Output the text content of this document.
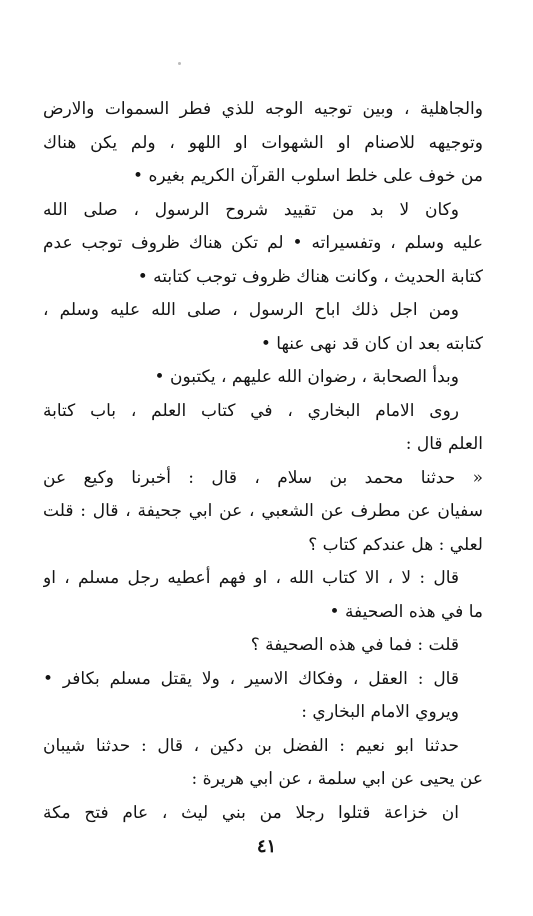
والجاهلية ، وبين توجيه الوجه للذي فطر السموات والارض
وتوجيهه للاصنام او الشهوات او اللهو ، ولم يكن هناك
من خوف على خلط اسلوب القرآن الكريم بغيره •
وكان لا بد من تقييد شروح الرسول ، صلى الله
عليه وسلم ، وتفسيراته • لم تكن هناك ظروف توجب عدم
كتابة الحديث ، وكانت هناك ظروف توجب كتابته •
ومن اجل ذلك اباح الرسول ، صلى الله عليه وسلم ،
كتابته بعد ان كان قد نهى عنها •
وبدأ الصحابة ، رضوان الله عليهم ، يكتبون •
روى الامام البخاري ، في كتاب العلم ، باب كتابة
العلم قال :
« حدثنا محمد بن سلام ، قال : أخبرنا وكيع عن
سفيان عن مطرف عن الشعبي ، عن ابي جحيفة ، قال : قلت
لعلي : هل عندكم كتاب ؟
قال : لا ، الا كتاب الله ، او فهم أعطيه رجل مسلم ، او
ما في هذه الصحيفة •
قلت : فما في هذه الصحيفة ؟
قال : العقل ، وفكاك الاسير ، ولا يقتل مسلم بكافر •
ويروي الامام البخاري :
حدثنا ابو نعيم : الفضل بن دكين ، قال : حدثنا شيبان
عن يحيى عن ابي سلمة ، عن ابي هريرة :
ان خزاعة قتلوا رجلا من بني ليث ، عام فتح مكة
٤١
